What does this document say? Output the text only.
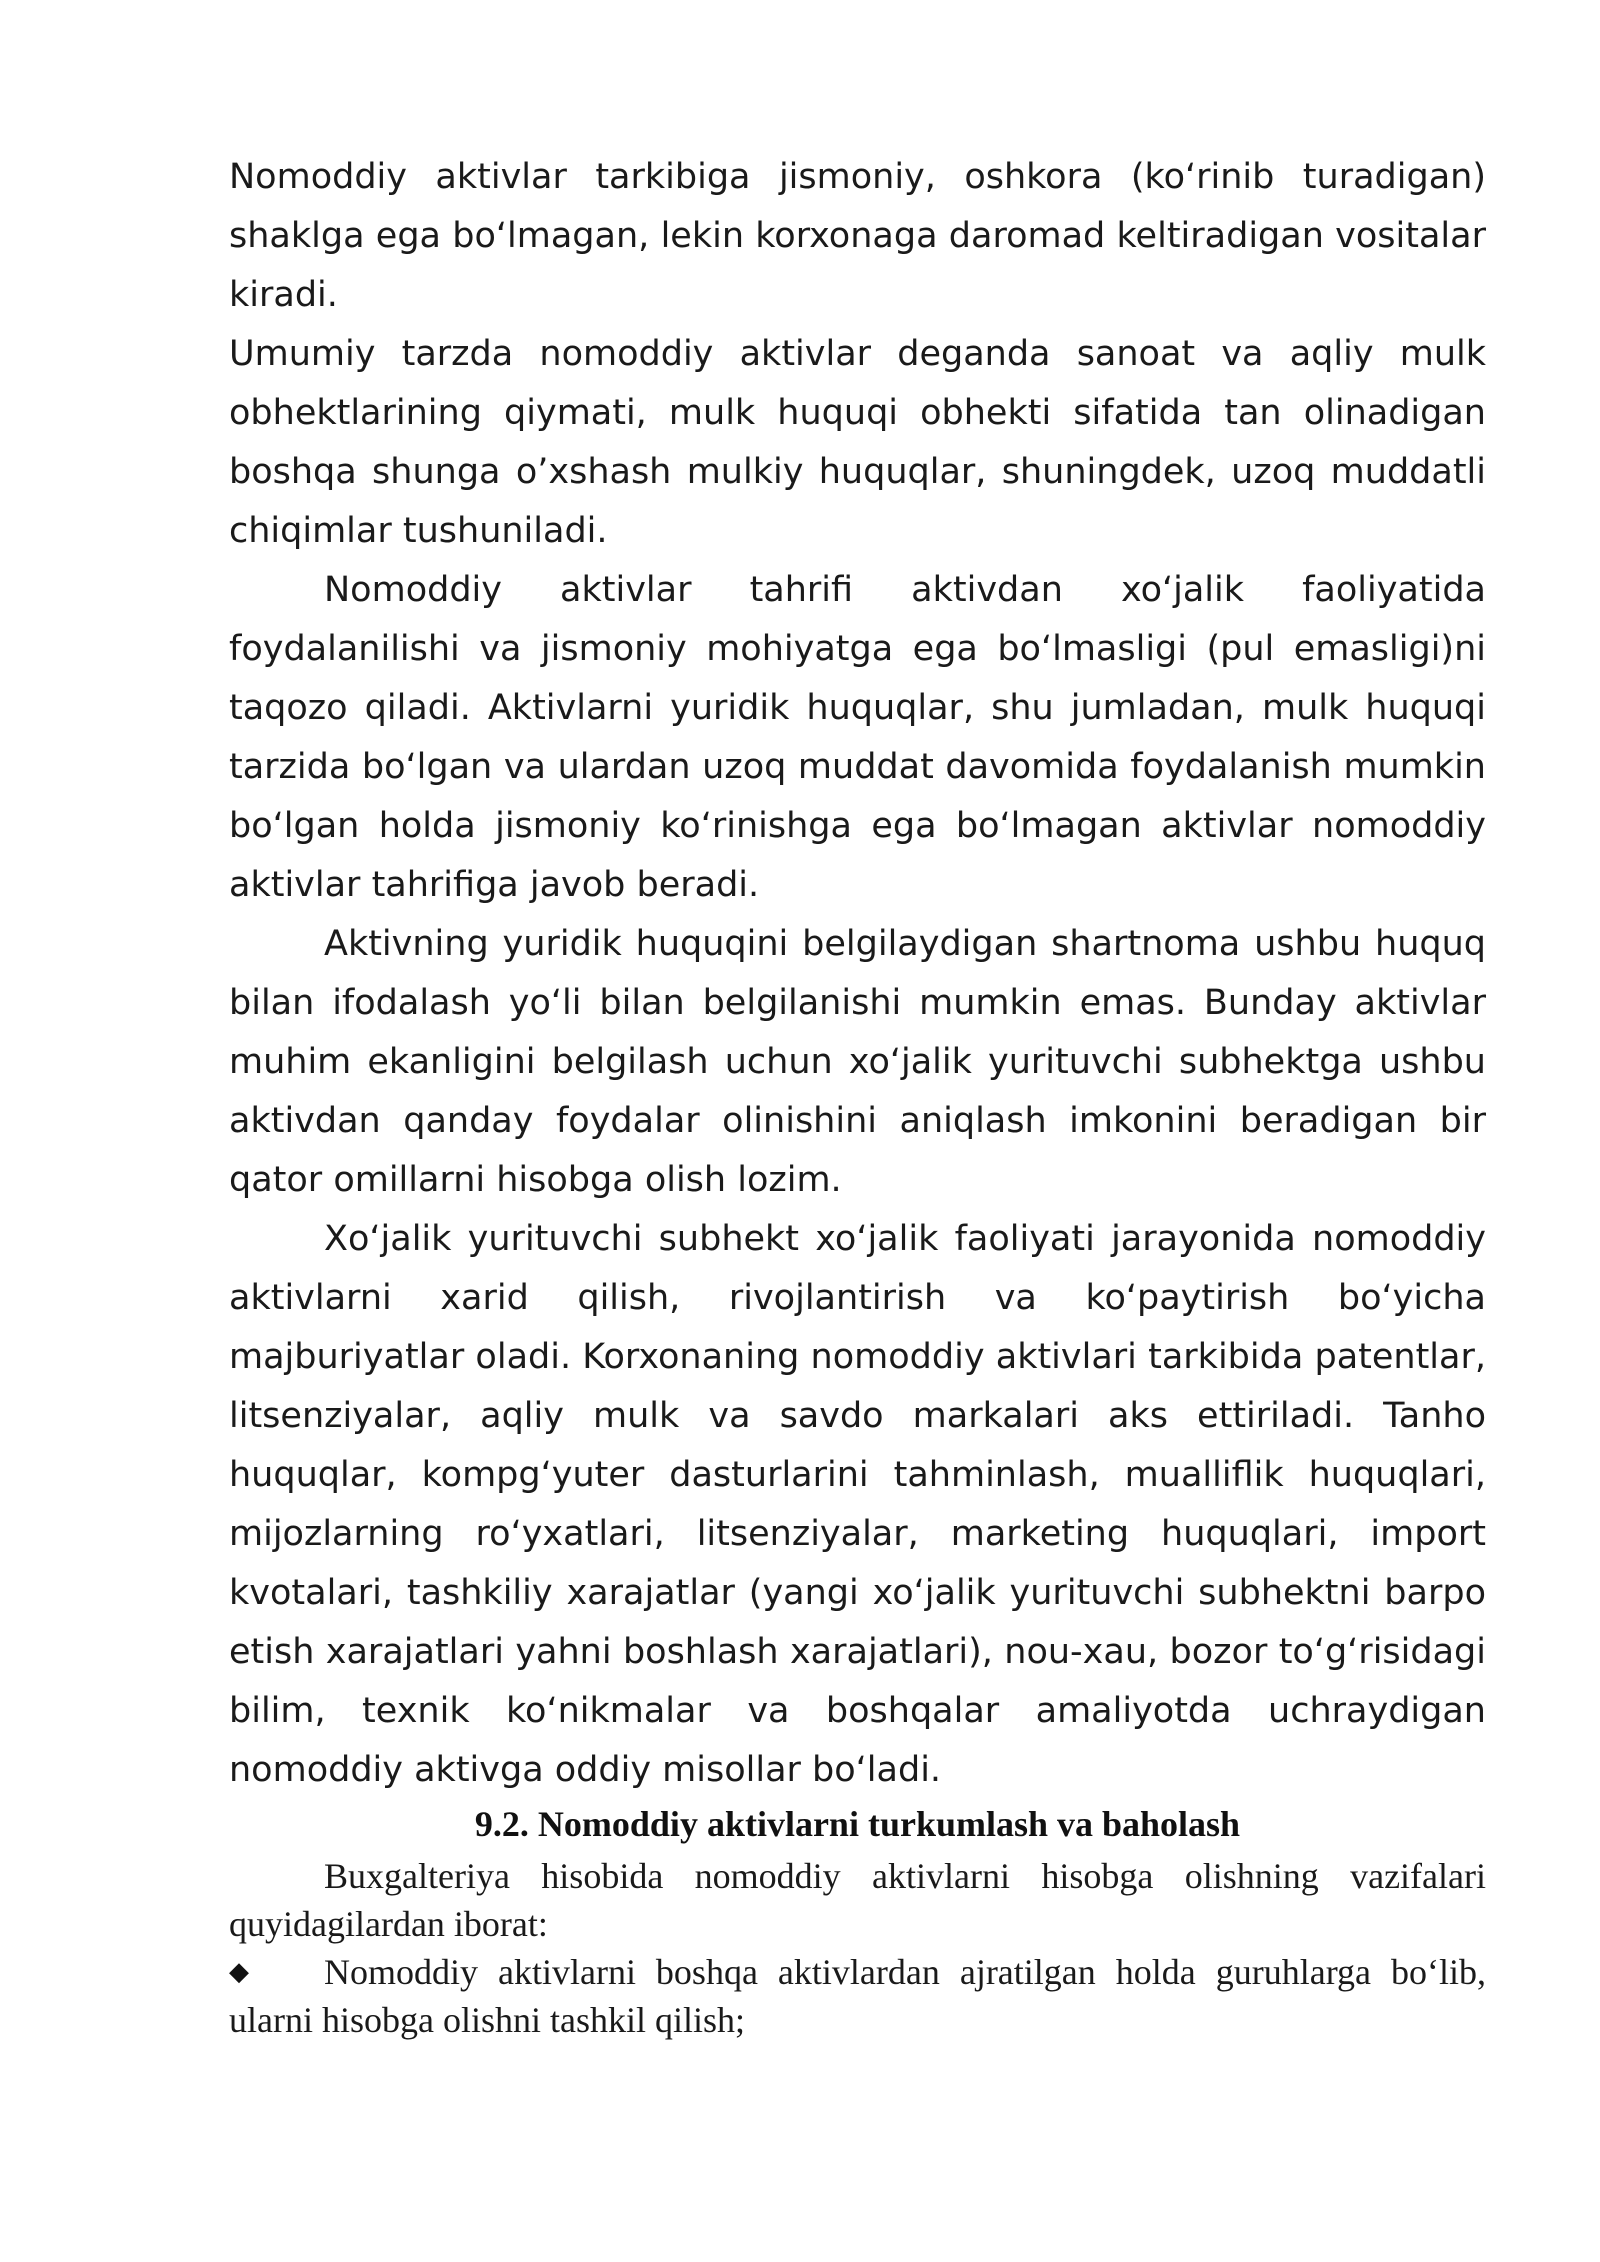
Nomoddiy aktivlar tarkibiga jismoniy, oshkora (koʻrinib turadigan) shaklga ega boʻlmagan, lekin korxonaga daromad keltiradigan vositalar kiradi.

Umumiy tarzda nomoddiy aktivlar deganda sanoat va aqliy mulk obhektlarining qiymati, mulk huquqi obhekti sifatida tan olinadigan boshqa shunga oʼxshash mulkiy huquqlar, shuningdek, uzoq muddatli chiqimlar tushuniladi.

Nomoddiy aktivlar tahrifi aktivdan xoʻjalik faoliyatida foydalanilishi va jismoniy mohiyatga ega boʻlmasligi (pul emasligi)ni taqozo qiladi. Aktivlarni yuridik huquqlar, shu jumladan, mulk huquqi tarzida boʻlgan va ulardan uzoq muddat davomida foydalanish mumkin boʻlgan holda jismoniy koʻrinishga ega boʻlmagan aktivlar nomoddiy aktivlar tahrifiga javob beradi.

Aktivning yuridik huquqini belgilaydigan shartnoma ushbu huquq bilan ifodalash yoʻli bilan belgilanishi mumkin emas. Bunday aktivlar muhim ekanligini belgilash uchun xoʻjalik yurituvchi subhektga ushbu aktivdan qanday foydalar olinishini aniqlash imkonini beradigan bir qator omillarni hisobga olish lozim.

Xoʻjalik yurituvchi subhekt xoʻjalik faoliyati jarayonida nomoddiy aktivlarni xarid qilish, rivojlantirish va koʻpaytirish boʻyicha majburiyatlar oladi. Korxonaning nomoddiy aktivlari tarkibida patentlar, litsenziyalar, aqliy mulk va savdo markalari aks ettiriladi. Tanho huquqlar, kompgʻyuter dasturlarini tahminlash, mualliflik huquqlari, mijozlarning roʻyxatlari, litsenziyalar, marketing huquqlari, import kvotalari, tashkiliy xarajatlar (yangi xoʻjalik yurituvchi subhektni barpo etish xarajatlari yahni boshlash xarajatlari), nou-xau, bozor toʻgʻrisidagi bilim, texnik koʻnikmalar va boshqalar amaliyotda uchraydigan nomoddiy aktivga oddiy misollar boʻladi.

9.2. Nomoddiy aktivlarni turkumlash va baholash

Buxgalteriya hisobida nomoddiy aktivlarni hisobga olishning vazifalari quyidagilardan iborat:

◆ Nomoddiy aktivlarni boshqa aktivlardan ajratilgan holda guruhlarga bo‘lib, ularni hisobga olishni tashkil qilish;
